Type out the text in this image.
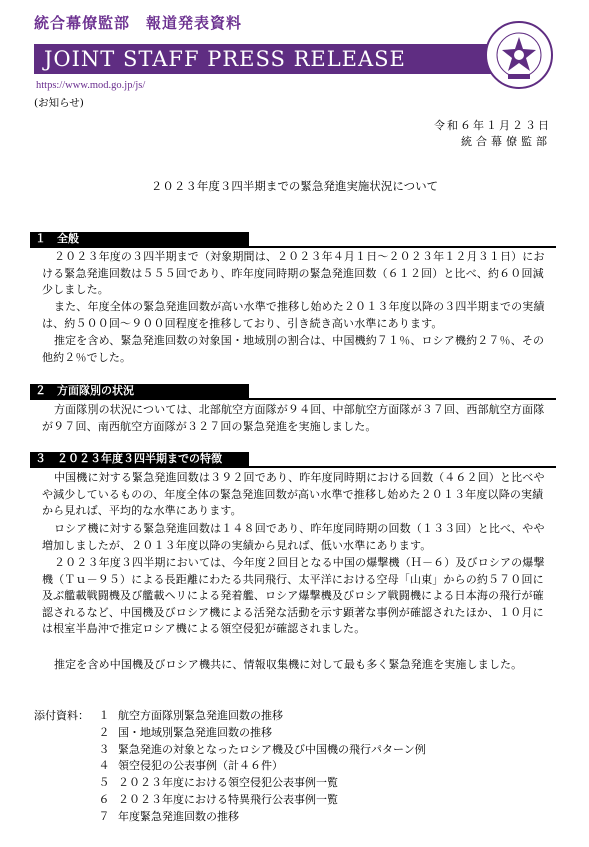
統合幕僚監部　報道発表資料
JOINT STAFF PRESS RELEASE
https://www.mod.go.jp/js/
(お知らせ)
令和６年１月２３日
統合幕僚監部
２０２３年度３四半期までの緊急発進実施状況について
１　全般
２０２３年度の３四半期まで（対象期間は、２０２３年４月１日～２０２３年１２月３１日）における緊急発進回数は５５５回であり、昨年度同時期の緊急発進回数（６１２回）と比べ、約６０回減少しました。
また、年度全体の緊急発進回数が高い水準で推移し始めた２０１３年度以降の３四半期までの実績は、約５００回～９００回程度を推移しており、引き続き高い水準にあります。
推定を含め、緊急発進回数の対象国・地域別の割合は、中国機約７１％、ロシア機約２７％、その他約２％でした。
２　方面隊別の状況
方面隊別の状況については、北部航空方面隊が９４回、中部航空方面隊が３７回、西部航空方面隊が９７回、南西航空方面隊が３２７回の緊急発進を実施しました。
３　２０２３年度３四半期までの特徴
中国機に対する緊急発進回数は３９２回であり、昨年度同時期における回数（４６２回）と比べやや減少しているものの、年度全体の緊急発進回数が高い水準で推移し始めた２０１３年度以降の実績から見れば、平均的な水準にあります。
ロシア機に対する緊急発進回数は１４８回であり、昨年度同時期の回数（１３３回）と比べ、やや増加しましたが、２０１３年度以降の実績から見れば、低い水準にあります。
２０２３年度３四半期においては、今年度２回目となる中国の爆撃機（Ｈ－６）及びロシアの爆撃機（Ｔｕ－９５）による長距離にわたる共同飛行、太平洋における空母「山東」からの約５７０回に及ぶ艦載戦闘機及び艦載ヘリによる発着艦、ロシア爆撃機及びロシア戦闘機による日本海の飛行が確認されるなど、中国機及びロシア機による活発な活動を示す顕著な事例が確認されたほか、１０月には根室半島沖で推定ロシア機による領空侵犯が確認されました。
推定を含め中国機及びロシア機共に、情報収集機に対して最も多く緊急発進を実施しました。
添付資料： １ 航空方面隊別緊急発進回数の推移
２ 国・地域別緊急発進回数の推移
３ 緊急発進の対象となったロシア機及び中国機の飛行パターン例
４ 領空侵犯の公表事例（計４６件）
５ ２０２３年度における領空侵犯公表事例一覧
６ ２０２３年度における特異飛行公表事例一覧
７ 年度緊急発進回数の推移
